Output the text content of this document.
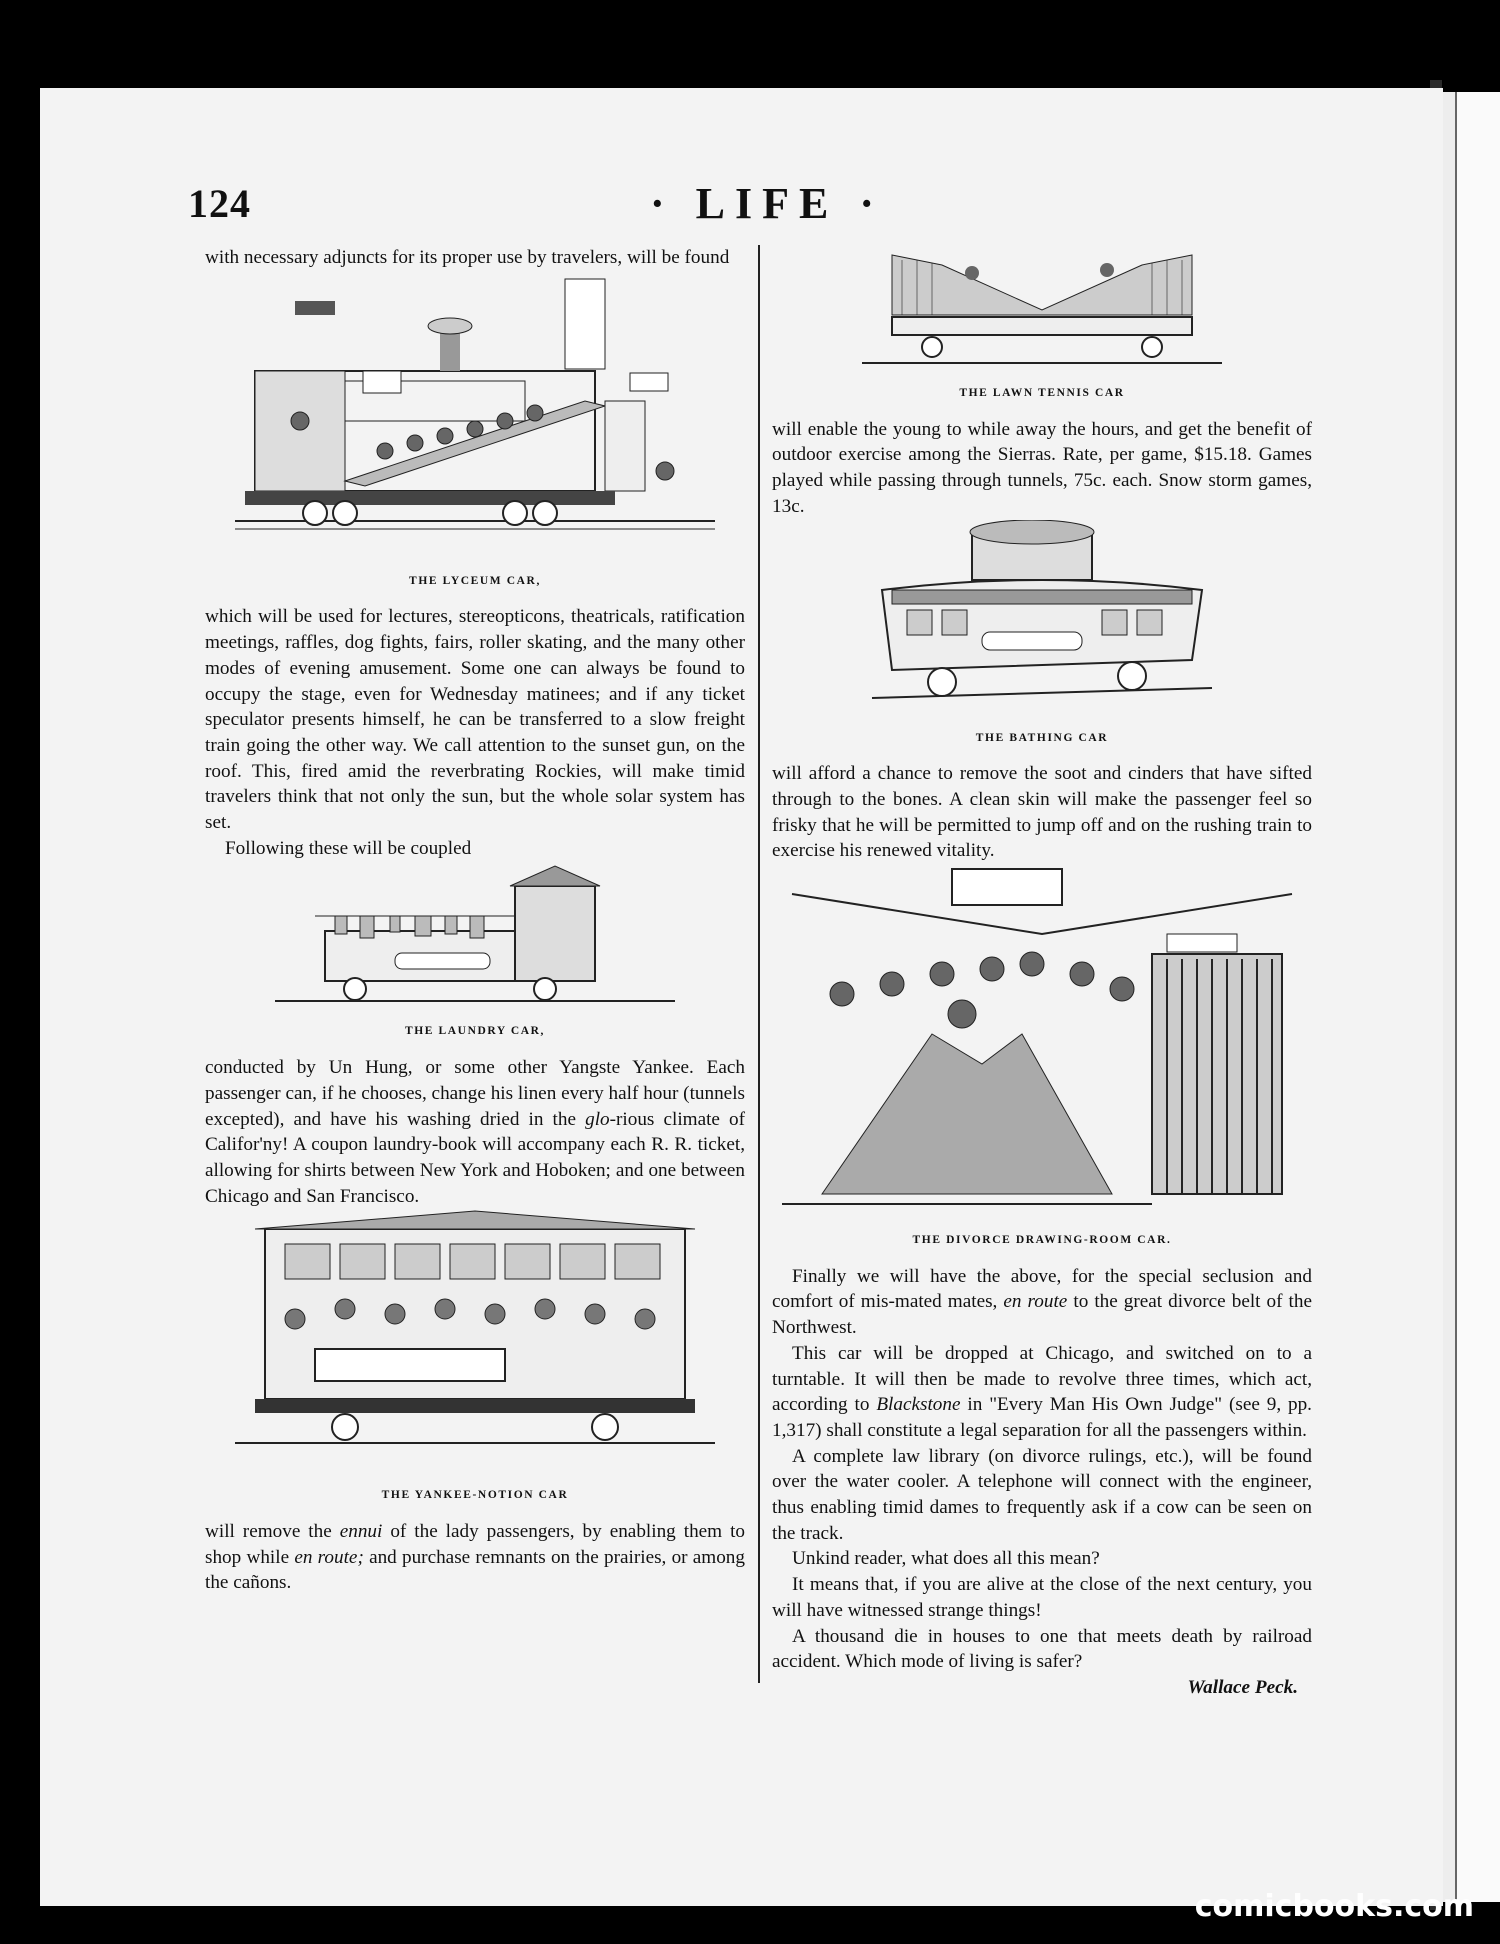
124	· LIFE ·

with necessary adjuncts for its proper use by travelers, will be found

THE LYCEUM CAR,

which will be used for lectures, stereopticons, theatricals, ratification meetings, raffles, dog fights, fairs, roller skating, and the many other modes of evening amusement. Some one can always be found to occupy the stage, even for Wednesday matinees; and if any ticket speculator presents himself, he can be transferred to a slow freight train going the other way. We call attention to the sunset gun, on the roof. This, fired amid the reverbrating Rockies, will make timid travelers think that not only the sun, but the whole solar system has set.

Following these will be coupled

THE LAUNDRY CAR,

conducted by Un Hung, or some other Yangste Yankee. Each passenger can, if he chooses, change his linen every half hour (tunnels excepted), and have his washing dried in the glo-rious climate of Califor'ny! A coupon laundry-book will accompany each R. R. ticket, allowing for shirts between New York and Hoboken; and one between Chicago and San Francisco.

THE YANKEE-NOTION CAR

will remove the ennui of the lady passengers, by enabling them to shop while en route; and purchase remnants on the prairies, or among the cañons.

THE LAWN TENNIS CAR

will enable the young to while away the hours, and get the benefit of outdoor exercise among the Sierras. Rate, per game, $15.18. Games played while passing through tunnels, 75c. each. Snow storm games, 13c.

THE BATHING CAR

will afford a chance to remove the soot and cinders that have sifted through to the bones. A clean skin will make the passenger feel so frisky that he will be permitted to jump off and on the rushing train to exercise his renewed vitality.

THE DIVORCE DRAWING-ROOM CAR.

Finally we will have the above, for the special seclusion and comfort of mis-mated mates, en route to the great divorce belt of the Northwest.

This car will be dropped at Chicago, and switched on to a turntable. It will then be made to revolve three times, which act, according to Blackstone in "Every Man His Own Judge" (see 9, pp. 1,317) shall constitute a legal separation for all the passengers within.

A complete law library (on divorce rulings, etc.), will be found over the water cooler. A telephone will connect with the engineer, thus enabling timid dames to frequently ask if a cow can be seen on the track.

Unkind reader, what does all this mean?

It means that, if you are alive at the close of the next century, you will have witnessed strange things!

A thousand die in houses to one that meets death by railroad accident. Which mode of living is safer?

Wallace Peck.

comicbooks.com
